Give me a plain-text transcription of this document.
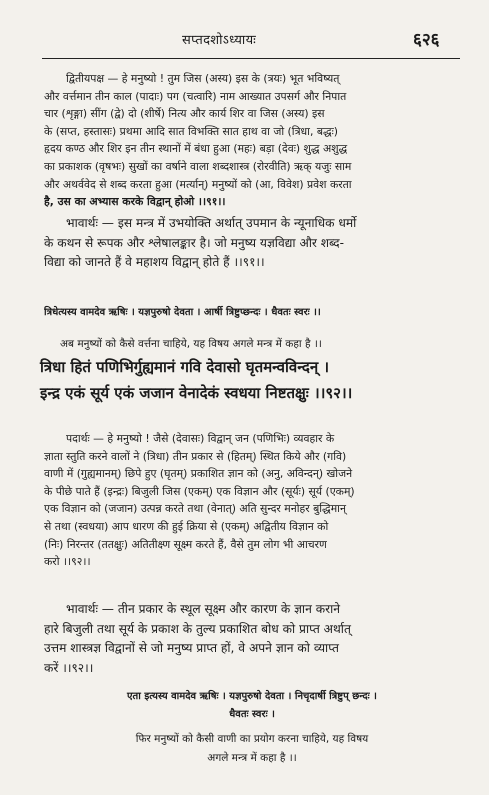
सप्तदशोऽध्यायः	६२६
द्वितीयपक्ष — हे मनुष्यो ! तुम जिस (अस्य) इस के (त्रयः) भूत भविष्यत्
और वर्त्तमान तीन काल (पादाः) पग (चत्वारि) नाम आख्यात उपसर्ग और निपात
चार (शृङ्गा) सींग (द्वे) दो (शीर्षे) नित्य और कार्य शिर वा जिस (अस्य) इस
के (सप्त, हस्तासः) प्रथमा आदि सात विभक्ति सात हाथ वा जो (त्रिधा, बद्धः)
हृदय कण्ठ और शिर इन तीन स्थानों में बंधा हुआ (महः) बड़ा (देवः) शुद्ध अशुद्ध
का प्रकाशक (वृषभः) सुखों का वर्षाने वाला शब्दशास्त्र (रोरवीति) ऋक् यजुः साम
और अथर्ववेद से शब्द करता हुआ (मर्त्यान्) मनुष्यों को (आ, विवेश) प्रवेश करता
है, उस का अभ्यास करके विद्वान् होओ ।।९१।।
भावार्थः — इस मन्त्र में उभयोक्ति अर्थात् उपमान के न्यूनाधिक धर्मो
के कथन से रूपक और श्लेषालङ्कार है। जो मनुष्य यज्ञविद्या और शब्द-
विद्या को जानते हैं वे महाशय विद्वान् होते हैं ।।९१।।
त्रिधेत्यस्य वामदेव ऋषिः । यज्ञपुरुषो देवता । आर्षी त्रिष्टुप्छन्दः । धैवतः स्वरः ।।
अब मनुष्यों को कैसे वर्त्तना चाहिये, यह विषय अगले मन्त्र में कहा है ।।
त्रिधा हितं पणिभिर्गुह्यमानं गवि देवासो घृतमन्वविन्दन् ।
इन्द्र एकं सूर्य एकं जजान वेनादेकं स्वधया निष्टतक्षुः ।।९२।।
पदार्थः — हे मनुष्यो ! जैसे (देवासः) विद्वान् जन (पणिभिः) व्यवहार के
ज्ञाता स्तुति करने वालों ने (त्रिधा) तीन प्रकार से (हितम्) स्थित किये और (गवि)
वाणी में (गुह्यमानम्) छिपे हुए (घृतम्) प्रकाशित ज्ञान को (अनु, अविन्दन्) खोजने
के पीछे पाते हैं (इन्द्रः) बिजुली जिस (एकम्) एक विज्ञान और (सूर्यः) सूर्य (एकम्)
एक विज्ञान को (जजान) उत्पन्न करते तथा (वेनात्) अति सुन्दर मनोहर बुद्धिमान्
से तथा (स्वधया) आप धारण की हुई क्रिया से (एकम्) अद्वितीय विज्ञान को
(निः) निरन्तर (ततक्षुः) अतितीक्ष्ण सूक्ष्म करते हैं, वैसे तुम लोग भी आचरण
करो ।।९२।।
भावार्थः — तीन प्रकार के स्थूल सूक्ष्म और कारण के ज्ञान कराने
हारे बिजुली तथा सूर्य के प्रकाश के तुल्य प्रकाशित बोध को प्राप्त अर्थात्
उत्तम शास्त्रज्ञ विद्वानों से जो मनुष्य प्राप्त हों, वे अपने ज्ञान को व्याप्त
करें ।।९२।।
एता इत्यस्य वामदेव ऋषिः । यज्ञपुरुषो देवता । निचृदार्षी त्रिष्टुप् छन्दः ।
धैवतः स्वरः ।
फिर मनुष्यों को कैसी वाणी का प्रयोग करना चाहिये, यह विषय
अगले मन्त्र में कहा है ।।
